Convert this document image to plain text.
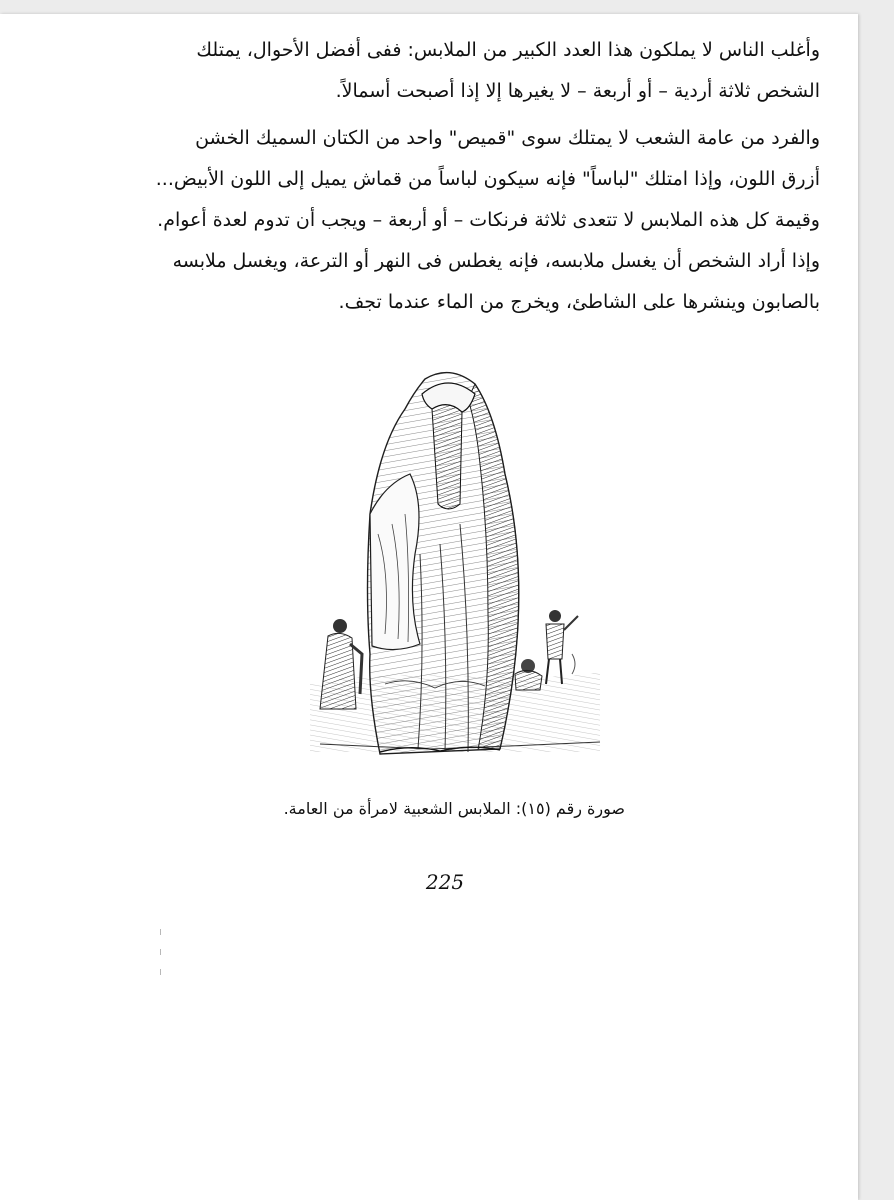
وأغلب الناس لا يملكون هذا العدد الكبير من الملابس: ففى أفضل الأحوال، يمتلك
الشخص ثلاثة أردية – أو أربعة – لا يغيرها إلا إذا أصبحت أسمالاً.

والفرد من عامة الشعب لا يمتلك سوى "قميص" واحد من الكتان السميك الخشن
أزرق اللون، وإذا امتلك "لباساً" فإنه سيكون لباساً من قماش يميل إلى اللون الأبيض...
وقيمة كل هذه الملابس لا تتعدى ثلاثة فرنكات – أو أربعة – ويجب أن تدوم لعدة أعوام.
وإذا أراد الشخص أن يغسل ملابسه، فإنه يغطس فى النهر أو الترعة، ويغسل ملابسه
بالصابون وينشرها على الشاطئ، ويخرج من الماء عندما تجف.

صورة رقم (١٥): الملابس الشعبية لامرأة من العامة.
225
